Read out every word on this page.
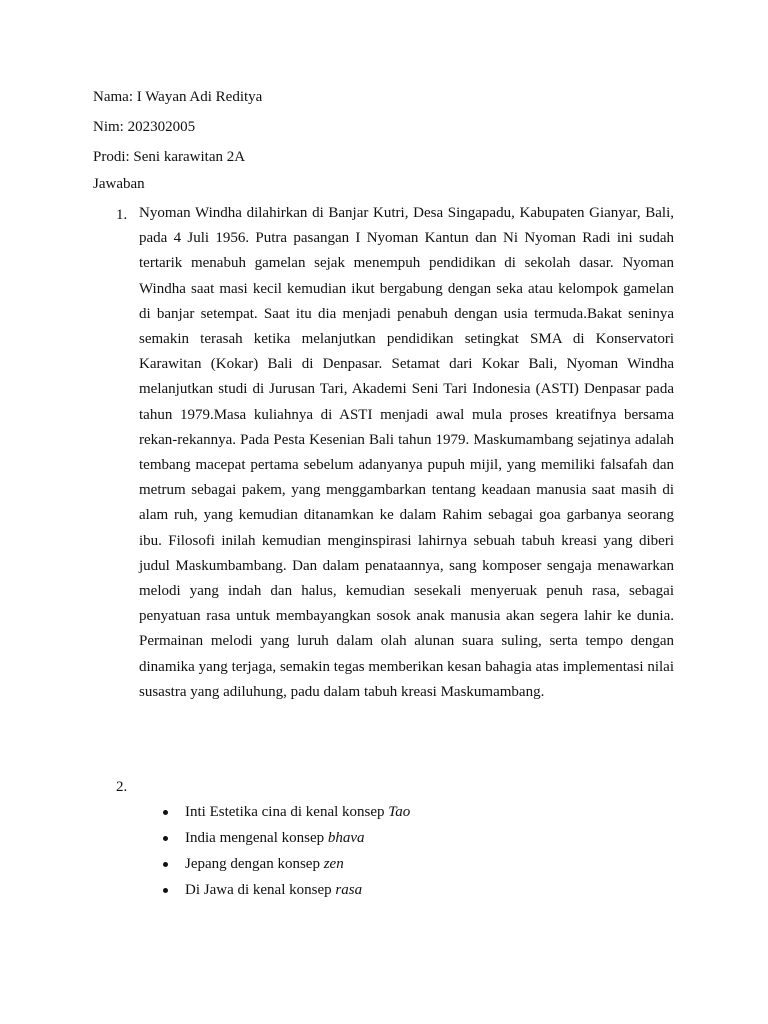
Nama: I Wayan Adi Reditya
Nim: 202302005
Prodi: Seni karawitan 2A
Jawaban
1. Nyoman Windha dilahirkan di Banjar Kutri, Desa Singapadu, Kabupaten Gianyar, Bali, pada 4 Juli 1956. Putra pasangan I Nyoman Kantun dan Ni Nyoman Radi ini sudah tertarik menabuh gamelan sejak menempuh pendidikan di sekolah dasar. Nyoman Windha saat masi kecil kemudian ikut bergabung dengan seka atau kelompok gamelan di banjar setempat. Saat itu dia menjadi penabuh dengan usia termuda.Bakat seninya semakin terasah ketika melanjutkan pendidikan setingkat SMA di Konservatori Karawitan (Kokar) Bali di Denpasar. Setamat dari Kokar Bali, Nyoman Windha melanjutkan studi di Jurusan Tari, Akademi Seni Tari Indonesia (ASTI) Denpasar pada tahun 1979.Masa kuliahnya di ASTI menjadi awal mula proses kreatifnya bersama rekan-rekannya. Pada Pesta Kesenian Bali tahun 1979. Maskumambang sejatinya adalah tembang macepat pertama sebelum adanyanya pupuh mijil, yang memiliki falsafah dan metrum sebagai pakem, yang menggambarkan tentang keadaan manusia saat masih di alam ruh, yang kemudian ditanamkan ke dalam Rahim sebagai goa garbanya seorang ibu. Filosofi inilah kemudian menginspirasi lahirnya sebuah tabuh kreasi yang diberi judul Maskumbambang. Dan dalam penataannya, sang komposer sengaja menawarkan melodi yang indah dan halus, kemudian sesekali menyeruak penuh rasa, sebagai penyatuan rasa untuk membayangkan sosok anak manusia akan segera lahir ke dunia. Permainan melodi yang luruh dalam olah alunan suara suling, serta tempo dengan dinamika yang terjaga, semakin tegas memberikan kesan bahagia atas implementasi nilai susastra yang adiluhung, padu dalam tabuh kreasi Maskumambang.

2.
Inti Estetika cina di kenal konsep Tao
India mengenal konsep bhava
Jepang dengan konsep zen
Di Jawa di kenal konsep rasa
